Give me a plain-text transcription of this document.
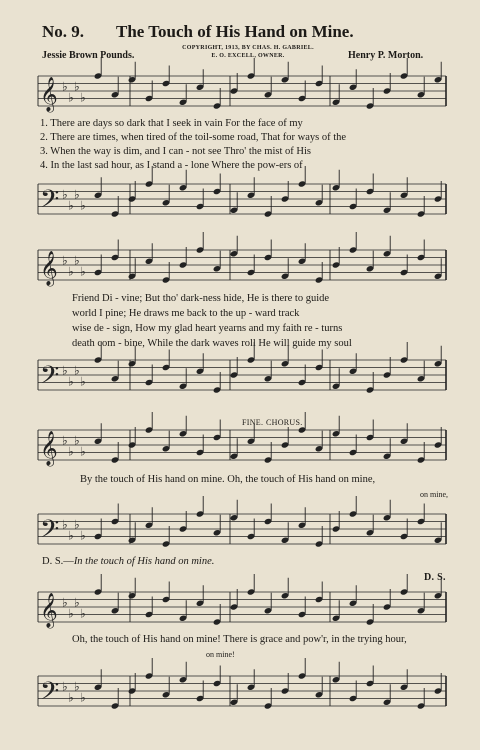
No. 9. The Touch of His Hand on Mine.
Jessie Brown Pounds.
COPYRIGHT, 1913, BY CHAS. H. GABRIEL.
E. O. EXCELL, OWNER.	Henry P. Morton.
𝄞 ♭
♭
♭
♭
1. There are days so dark that I seek in vain For the face of my
2. There are times, when tired of the toil-some road, That for ways of the
3. When the way is dim, and I can - not see Thro' the mist of His
4. In the last sad hour, as I stand a - lone Where the pow-ers of
𝄢 ♭
♭
♭
♭
𝄞 ♭
♭
♭
♭
Friend Di - vine; But tho' dark-ness hide, He is there to guide
world I pine; He draws me back to the up - ward track
wise de - sign, How my glad heart yearns and my faith re - turns
death com - bine, While the dark waves roll He will guide my soul
𝄢 ♭
♭
♭
♭
FINE. CHORUS.
𝄞 ♭
♭
♭
♭
By the touch of His hand on mine. Oh, the touch of His hand on mine,
on mine,
𝄢 ♭
♭
♭
♭
D. S.—In the touch of His hand on mine.
D. S.
𝄞 ♭
♭
♭
♭
Oh, the touch of His hand on mine! There is grace and pow'r, in the trying hour,
on mine!
𝄢 ♭
♭
♭
♭
